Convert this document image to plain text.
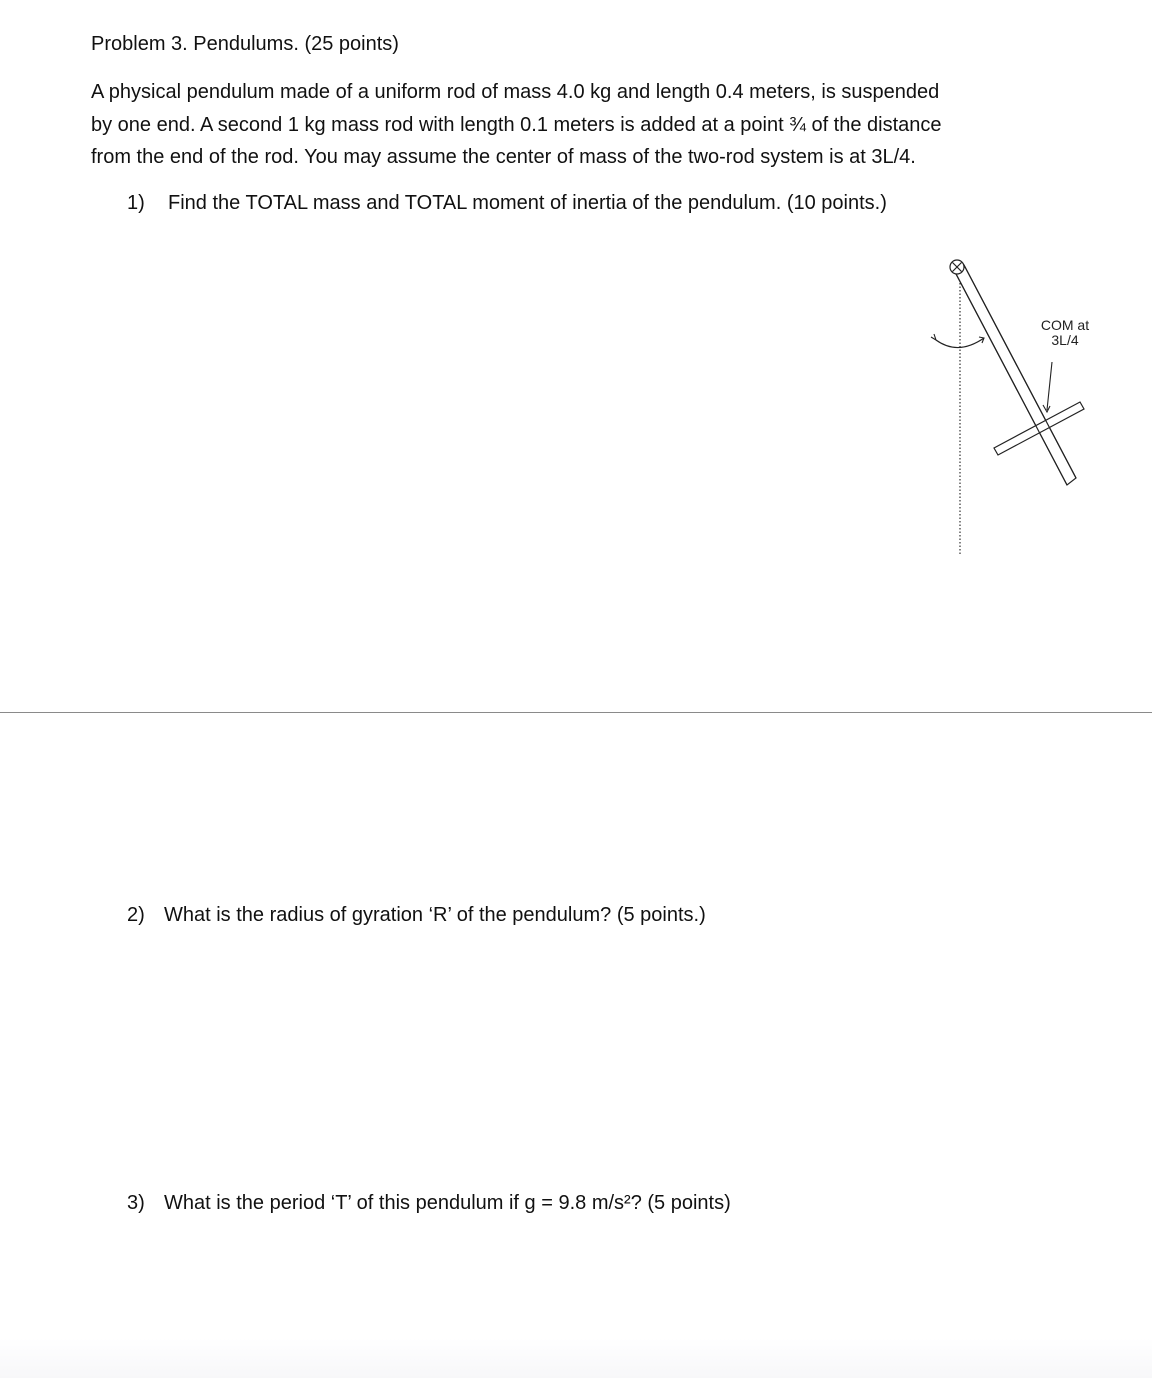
Problem 3. Pendulums. (25 points)

A physical pendulum made of a uniform rod of mass 4.0 kg and length 0.4 meters, is suspended
by one end. A second 1 kg mass rod with length 0.1 meters is added at a point ¾ of the distance
from the end of the rod. You may assume the center of mass of the two-rod system is at 3L/4.

1) Find the TOTAL mass and TOTAL moment of inertia of the pendulum. (10 points.)
COM at
3L/4
2) What is the radius of gyration ‘R’ of the pendulum? (5 points.)
3) What is the period ‘T’ of this pendulum if g = 9.8 m/s²? (5 points)
